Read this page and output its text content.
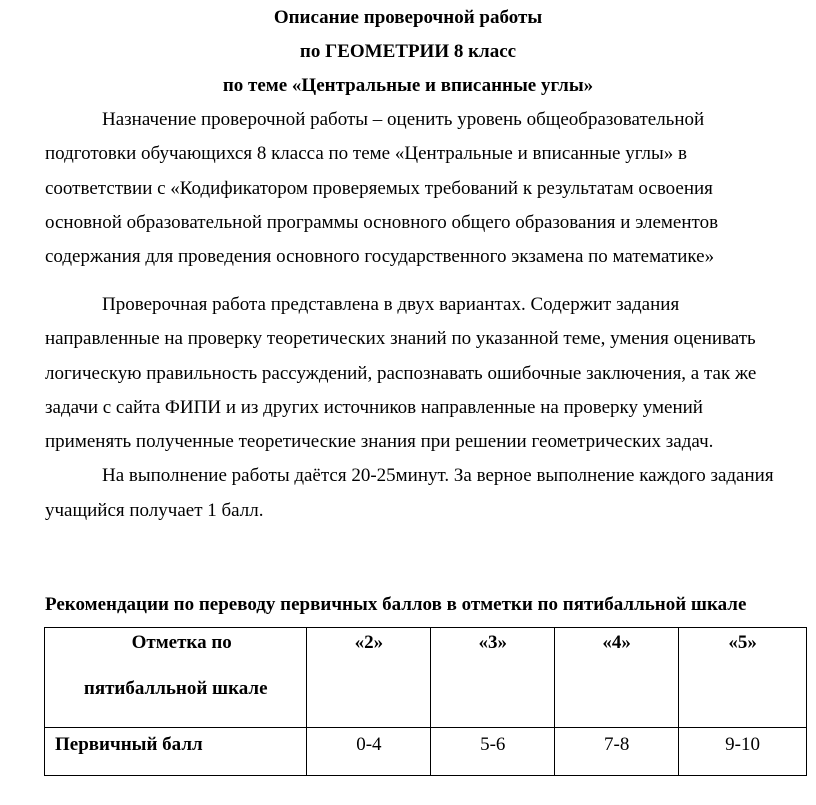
Описание проверочной работы
по ГЕОМЕТРИИ 8 класс
по теме «Центральные и вписанные углы»
Назначение проверочной работы – оценить уровень общеобразовательной
подготовки обучающихся 8 класса по теме «Центральные и вписанные углы» в
соответствии с «Кодификатором проверяемых требований к результатам освоения
основной образовательной программы основного общего образования и элементов
содержания для проведения основного государственного экзамена по математике»
Проверочная работа представлена в двух вариантах. Содержит задания
направленные на проверку теоретических знаний по указанной теме, умения оценивать
логическую правильность рассуждений, распознавать ошибочные заключения, а так же
задачи с сайта ФИПИ и из других источников направленные на проверку умений
применять полученные теоретические знания при решении геометрических задач.
На выполнение работы даётся 20-25минут. За верное выполнение каждого задания
учащийся получает 1 балл.
Рекомендации по переводу первичных баллов в отметки по пятибалльной шкале
Отметка по
пятибалльной шкале	«2»	«3»	«4»	«5»

Первичный балл	0-4	5-6	7-8	9-10
